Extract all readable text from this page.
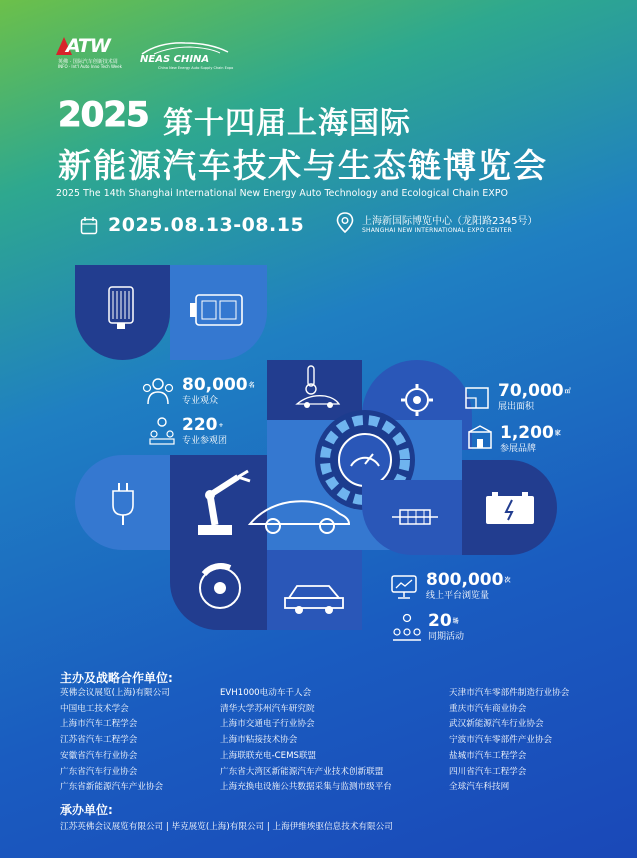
ATW
英佛 · 国际汽车创新技术周
INFO · Int'l Auto Inno Tech Week
NEAS CHINA
China New Energy Auto Supply Chain Expo
2025 第十四届上海国际
新能源汽车技术与生态链博览会
2025 The 14th Shanghai International New Energy Auto Technology and Ecological Chain EXPO
2025.08.13-08.15	上海新国际博览中心（龙阳路2345号）
SHANGHAI NEW INTERNATIONAL EXPO CENTER
$80,000^名$
专业观众
220+
专业参观团
70,000㎡
展出面积
$1,200^家$
参展品牌
$800,000^次$
线上平台浏览量
$20^场$
同期活动
主办及战略合作单位:
英佛会议展览(上海)有限公司
中国电工技术学会
上海市汽车工程学会
江苏省汽车工程学会
安徽省汽车行业协会
广东省汽车行业协会
广东省新能源汽车产业协会
EVH1000电动车千人会
清华大学苏州汽车研究院
上海市交通电子行业协会
上海市粘接技术协会
上海联联充电-CEMS联盟
广东省大湾区新能源汽车产业技术创新联盟
上海充换电设施公共数据采集与监测市级平台
天津市汽车零部件制造行业协会
重庆市汽车商业协会
武汉新能源汽车行业协会
宁波市汽车零部件产业协会
盐城市汽车工程学会
四川省汽车工程学会
全球汽车科技网
承办单位:
江苏英佛会议展览有限公司 | 毕克展览(上海)有限公司 | 上海伊维埃驱信息技术有限公司
